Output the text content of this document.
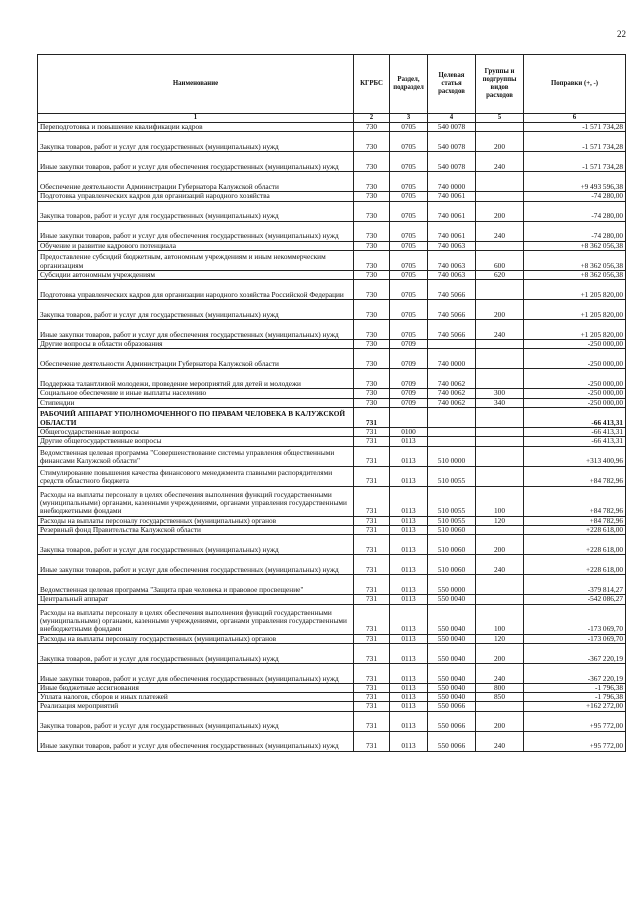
22
Наименование	КГРБС	Раздел, подраздел	Целевая статья расходов	Группы и подгруппы видов расходов	Поправки (+, -)
1	2	3	4	5	6
Переподготовка и повышение квалификации кадров	730	0705	540 0078		-1 571 734,28
Закупка товаров, работ и услуг для государственных (муниципальных) нужд	730	0705	540 0078	200	-1 571 734,28
Иные закупки товаров, работ и услуг для обеспечения государственных (муниципальных) нужд	730	0705	540 0078	240	-1 571 734,28
Обеспечение деятельности Администрации Губернатора Калужской области	730	0705	740 0000		+9 493 596,38
Подготовка управленческих кадров для организаций народного хозяйства	730	0705	740 0061		-74 280,00
Закупка товаров, работ и услуг для государственных (муниципальных) нужд	730	0705	740 0061	200	-74 280,00
Иные закупки товаров, работ и услуг для обеспечения государственных (муниципальных) нужд	730	0705	740 0061	240	-74 280,00
Обучение и развитие кадрового потенциала	730	0705	740 0063		+8 362 056,38
Предоставление субсидий бюджетным, автономным учреждениям и иным некоммерческим организациям	730	0705	740 0063	600	+8 362 056,38
Субсидии автономным учреждениям	730	0705	740 0063	620	+8 362 056,38
Подготовка управленческих кадров для организации народного хозяйства Российской Федерации	730	0705	740 5066		+1 205 820,00
Закупка товаров, работ и услуг для государственных (муниципальных) нужд	730	0705	740 5066	200	+1 205 820,00
Иные закупки товаров, работ и услуг для обеспечения государственных (муниципальных) нужд	730	0705	740 5066	240	+1 205 820,00
Другие вопросы в области образования	730	0709			-250 000,00
Обеспечение деятельности Администрации Губернатора Калужской области	730	0709	740 0000		-250 000,00
Поддержка талантливой молодежи, проведение мероприятий для детей и молодежи	730	0709	740 0062		-250 000,00
Социальное обеспечение и иные выплаты населению	730	0709	740 0062	300	-250 000,00
Стипендии	730	0709	740 0062	340	-250 000,00
РАБОЧИЙ АППАРАТ УПОЛНОМОЧЕННОГО ПО ПРАВАМ ЧЕЛОВЕКА В КАЛУЖСКОЙ ОБЛАСТИ	731				-66 413,31
Общегосударственные вопросы	731	0100			-66 413,31
Другие общегосударственные вопросы	731	0113			-66 413,31
Ведомственная целевая программа "Совершенствование системы управления общественными финансами Калужской области"	731	0113	510 0000		+313 400,96
Стимулирование повышения качества финансового менеджмента главными распорядителями средств областного бюджета	731	0113	510 0055		+84 782,96
Расходы на выплаты персоналу в целях обеспечения выполнения функций государственными (муниципальными) органами, казенными учреждениями, органами управления государственными внебюджетными фондами	731	0113	510 0055	100	+84 782,96
Расходы на выплаты персоналу государственных (муниципальных) органов	731	0113	510 0055	120	+84 782,96
Резервный фонд Правительства Калужской области	731	0113	510 0060		+228 618,00
Закупка товаров, работ и услуг для государственных (муниципальных) нужд	731	0113	510 0060	200	+228 618,00
Иные закупки товаров, работ и услуг для обеспечения государственных (муниципальных) нужд	731	0113	510 0060	240	+228 618,00
Ведомственная целевая программа "Защита прав человека и правовое просвещение"	731	0113	550 0000		-379 814,27
Центральный аппарат	731	0113	550 0040		-542 086,27
Расходы на выплаты персоналу в целях обеспечения выполнения функций государственными (муниципальными) органами, казенными учреждениями, органами управления государственными внебюджетными фондами	731	0113	550 0040	100	-173 069,70
Расходы на выплаты персоналу государственных (муниципальных) органов	731	0113	550 0040	120	-173 069,70
Закупка товаров, работ и услуг для государственных (муниципальных) нужд	731	0113	550 0040	200	-367 220,19
Иные закупки товаров, работ и услуг для обеспечения государственных (муниципальных) нужд	731	0113	550 0040	240	-367 220,19
Иные бюджетные ассигнования	731	0113	550 0040	800	-1 796,38
Уплата налогов, сборов и иных платежей	731	0113	550 0040	850	-1 796,38
Реализация мероприятий	731	0113	550 0066		+162 272,00
Закупка товаров, работ и услуг для государственных (муниципальных) нужд	731	0113	550 0066	200	+95 772,00
Иные закупки товаров, работ и услуг для обеспечения государственных (муниципальных) нужд	731	0113	550 0066	240	+95 772,00
